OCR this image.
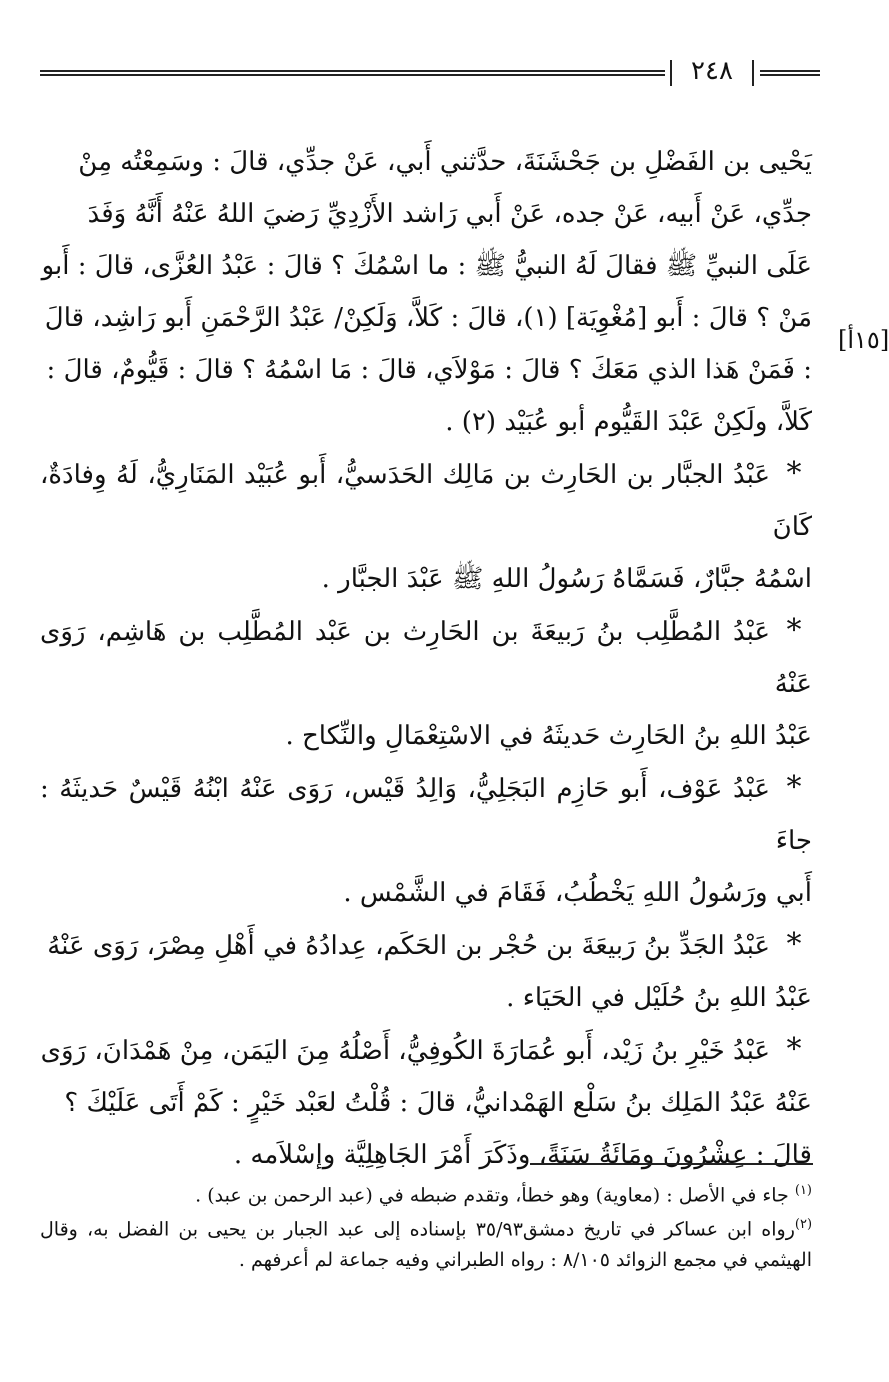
٢٤٨
[١٥أ]

يَحْيى بن الفَضْلِ بن جَحْشَنَةَ، حدَّثني أَبي، عَنْ جدِّي، قالَ : وسَمِعْتُه مِنْ
جدِّي، عَنْ أَبيه، عَنْ جده، عَنْ أَبي رَاشد الأَزْدِيِّ رَضيَ اللهُ عَنْهُ أَنَّهُ وَفَدَ
عَلَى النبيِّ ﷺ فقالَ لَهُ النبيُّ ﷺ : ما اسْمُكَ ؟ قالَ : عَبْدُ العُزَّى، قالَ : أَبو
مَنْ ؟ قالَ : أَبو [مُغْوِيَة] (١)، قالَ : كَلاَّ، وَلَكِنْ/ عَبْدُ الرَّحْمَنِ أَبو رَاشِد، قالَ
: فَمَنْ هَذا الذي مَعَكَ ؟ قالَ : مَوْلاَي، قالَ : مَا اسْمُهُ ؟ قالَ : قَيُّومٌ، قالَ :
كَلاَّ، ولَكِنْ عَبْدَ القَيُّوم أبو عُبَيْد (٢) .

*عَبْدُ الجبَّار بن الحَارِث بن مَالِك الحَدَسيُّ، أَبو عُبَيْد المَنَارِيُّ، لَهُ وِفادَةٌ، كَانَ
اسْمُهُ جبَّارٌ، فَسَمَّاهُ رَسُولُ اللهِ ﷺ عَبْدَ الجبَّار .
*عَبْدُ المُطَّلِب بنُ رَبيعَةَ بن الحَارِث بن عَبْد المُطَّلِب بن هَاشِم، رَوَى عَنْهُ
عَبْدُ اللهِ بنُ الحَارِث حَديثَهُ في الاسْتِعْمَالِ والنِّكاح .
*عَبْدُ عَوْف، أَبو حَازِم البَجَلِيُّ، وَالِدُ قَيْس، رَوَى عَنْهُ ابْنُهُ قَيْسٌ حَديثَهُ : جاءَ
أَبي ورَسُولُ اللهِ يَخْطُبُ، فَقَامَ في الشَّمْس .
*عَبْدُ الجَدِّ بنُ رَبيعَةَ بن حُجْر بن الحَكَم، عِدادُهُ في أَهْلِ مِصْرَ، رَوَى عَنْهُ
عَبْدُ اللهِ بنُ حُلَيْل في الحَيَاء .
*عَبْدُ خَيْرِ بنُ زَيْد، أَبو عُمَارَةَ الكُوفِيُّ، أَصْلُهُ مِنَ اليَمَن، مِنْ هَمْدَانَ، رَوَى
عَنْهُ عَبْدُ المَلِك بنُ سَلْع الهَمْدانيُّ، قالَ : قُلْتُ لعَبْد خَيْرٍ : كَمْ أَتَى عَلَيْكَ ؟
قالَ : عِشْرُونَ ومَائَةُ سَنَةً، وذَكَرَ أَمْرَ الجَاهِلِيَّة وإسْلاَمه .

$^{(١)}$ جاء في الأصل : (معاوية) وهو خطأ، وتقدم ضبطه في (عبد الرحمن بن عبد) .

$^{(٢)}$رواه ابن عساكر في تاريخ دمشق٣٥/٩٣ بإسناده إلى عبد الجبار بن يحيى بن الفضل به، وقال الهيثمي في مجمع الزوائد ٨/١٠٥ : رواه الطبراني وفيه جماعة لم أعرفهم .
